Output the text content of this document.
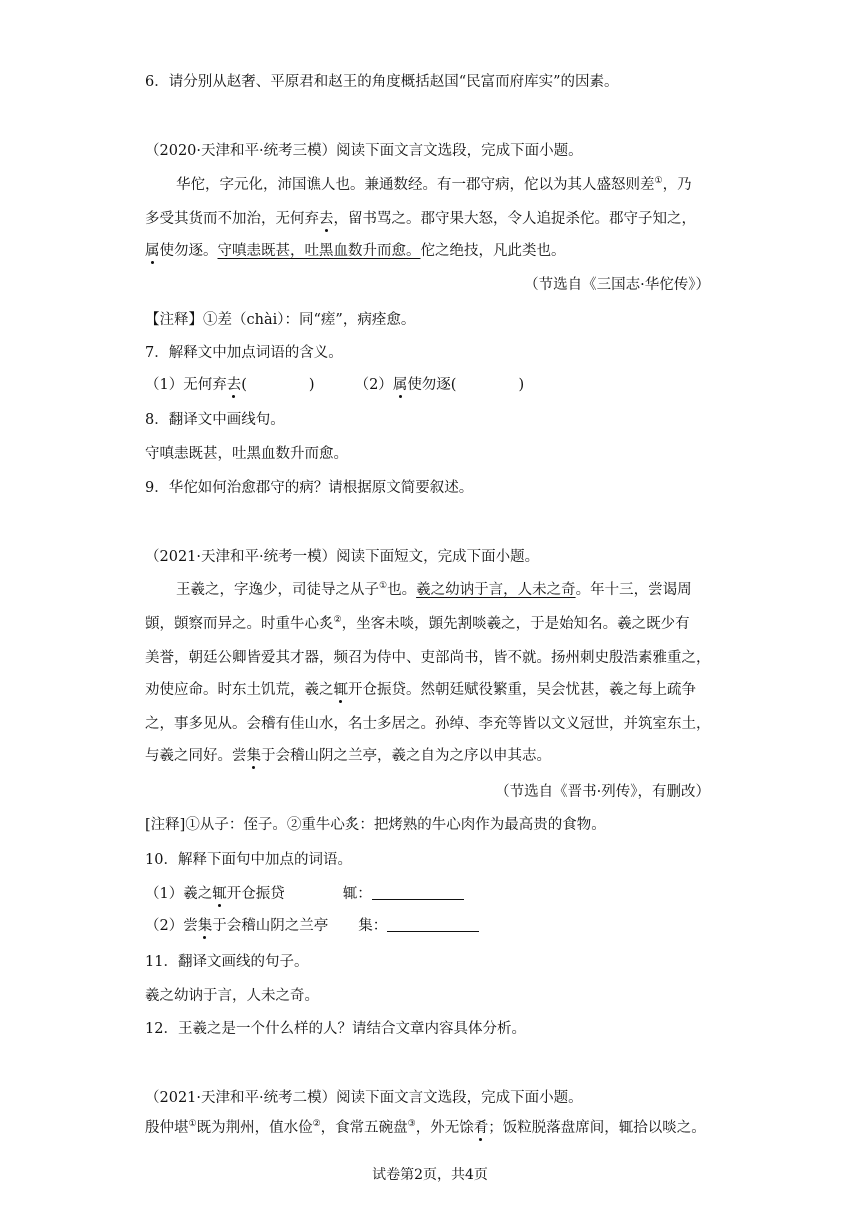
6．请分别从赵奢、平原君和赵王的角度概括赵国“民富而府库实”的因素。
（2020·天津和平·统考三模）阅读下面文言文选段，完成下面小题。
华佗，字元化，沛国谯人也。兼通数经。有一郡守病，佗以为其人盛怒则差①，乃
多受其货而不加治，无何弃去，留书骂之。郡守果大怒，令人追捉杀佗。郡守子知之，
属使勿逐。守嗔恚既甚，吐黑血数升而愈。佗之绝技，凡此类也。
（节选自《三国志·华佗传》）
【注释】①差（chài）：同“瘥”，病痊愈。
7．解释文中加点词语的含义。
（1）无何弃去(	)	（2）属使勿逐(	)
8．翻译文中画线句。
守嗔恚既甚，吐黑血数升而愈。
9．华佗如何治愈郡守的病？请根据原文简要叙述。
（2021·天津和平·统考一模）阅读下面短文，完成下面小题。
王羲之，字逸少，司徒导之从子①也。羲之幼讷于言，人未之奇。年十三，尝谒周
顗，顗察而异之。时重牛心炙②，坐客未啖，顗先割啖羲之，于是始知名。羲之既少有
美誉，朝廷公卿皆爱其才器，频召为侍中、吏部尚书，皆不就。扬州刺史殷浩素雅重之，
劝使应命。时东土饥荒，羲之辄开仓振贷。然朝廷赋役繁重，吴会忧甚，羲之每上疏争
之，事多见从。会稽有佳山水，名士多居之。孙绰、李充等皆以文义冠世，并筑室东土，
与羲之同好。尝集于会稽山阴之兰亭，羲之自为之序以申其志。
（节选自《晋书·列传》，有删改）
[注释]①从子：侄子。②重牛心炙：把烤熟的牛心肉作为最高贵的食物。
10．解释下面句中加点的词语。
（1）羲之辄开仓振贷	辄：
（2）尝集于会稽山阴之兰亭 集：
11．翻译文画线的句子。
羲之幼讷于言，人未之奇。
12．王羲之是一个什么样的人？请结合文章内容具体分析。
（2021·天津和平·统考二模）阅读下面文言文选段，完成下面小题。
殷仲堪①既为荆州，值水俭②，食常五碗盘③，外无馀肴；饭粒脱落盘席间，辄拾以啖之。
试卷第2页，共4页
